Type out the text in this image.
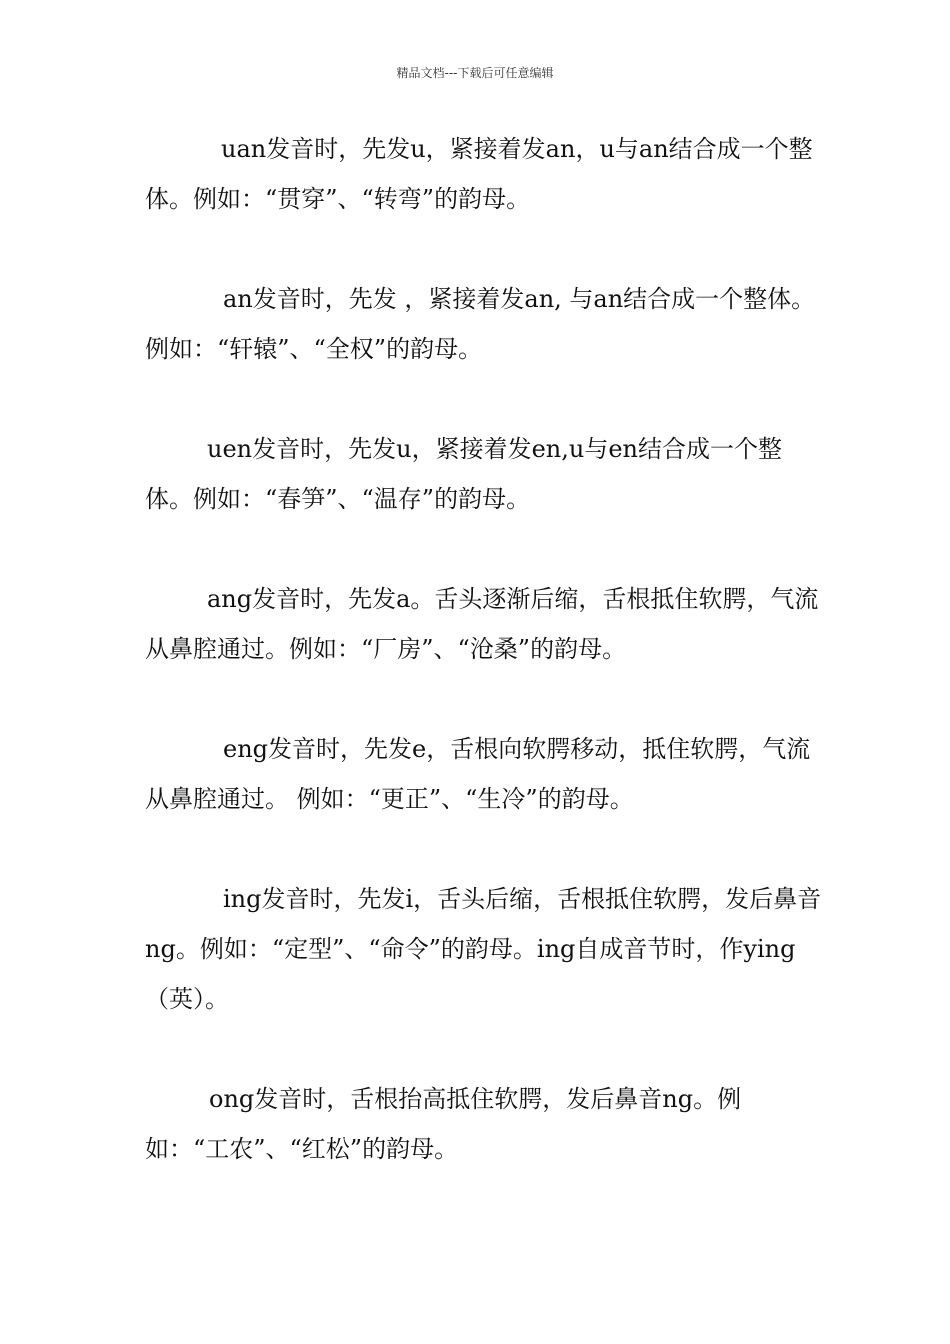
精品文档---下载后可任意编辑

uan发音时，先发u，紧接着发an，u与an结合成一个整体。例如：“贯穿”、“转弯”的韵母。

an发音时，先发 ，紧接着发an, 与an结合成一个整体。例如：“轩辕”、“全权”的韵母。

uen发音时，先发u，紧接着发en,u与en结合成一个整体。例如：“春笋”、“温存”的韵母。

ang发音时，先发a。舌头逐渐后缩，舌根抵住软腭，气流从鼻腔通过。例如：“厂房”、“沧桑”的韵母。

eng发音时，先发e，舌根向软腭移动，抵住软腭，气流从鼻腔通过。 例如：“更正”、“生冷”的韵母。

ing发音时，先发i，舌头后缩，舌根抵住软腭，发后鼻音ng。例如：“定型”、“命令”的韵母。ing自成音节时，作ying（英）。

ong发音时，舌根抬高抵住软腭，发后鼻音ng。例如：“工农”、“红松”的韵母。
